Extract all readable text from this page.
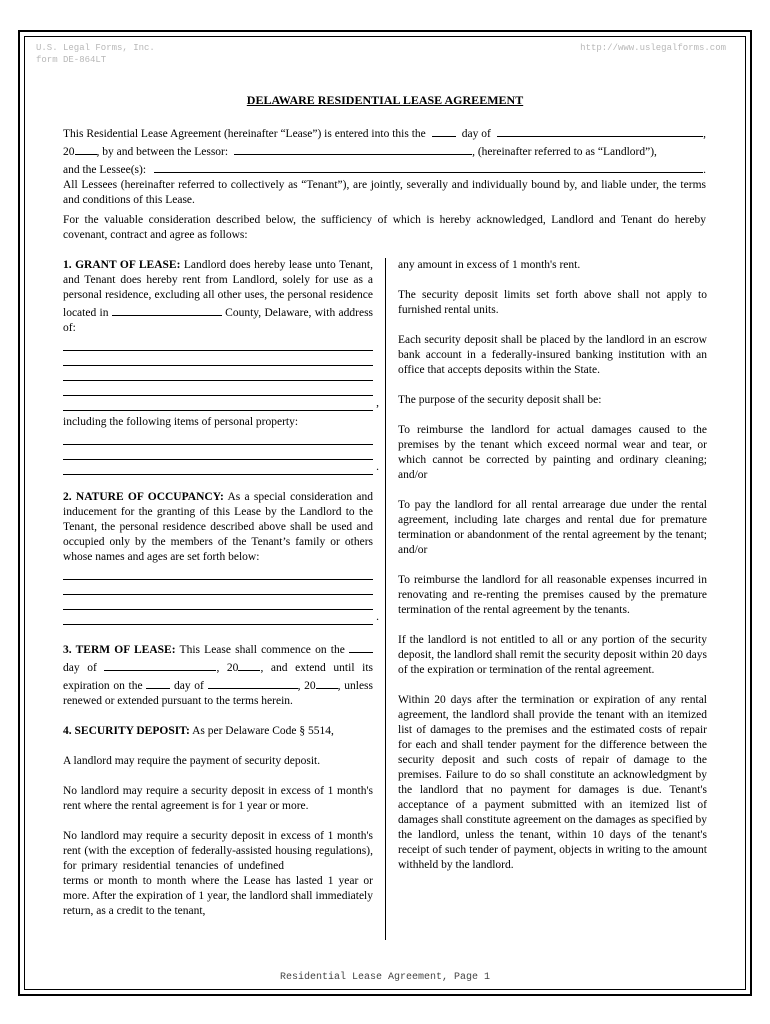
U.S. Legal Forms, Inc.
form DE-864LT
http://www.uslegalforms.com
DELAWARE RESIDENTIAL LEASE AGREEMENT
This Residential Lease Agreement (hereinafter “Lease”) is entered into this the	day of	,
20 , by and between the Lessor:	, (hereinafter referred to as “Landlord”),
and the Lessee(s):	.
All Lessees (hereinafter referred to collectively as “Tenant”), are jointly, severally and individually bound by, and liable under, the terms and conditions of this Lease.
For the valuable consideration described below, the sufficiency of which is hereby acknowledged, Landlord and Tenant do hereby covenant, contract and agree as follows:
1. GRANT OF LEASE: Landlord does hereby lease unto Tenant, and Tenant does hereby rent from Landlord, solely for use as a personal residence, excluding all other uses, the personal residence located in	County, Delaware, with address of:
,
including the following items of personal property:
.
2. NATURE OF OCCUPANCY: As a special consideration and inducement for the granting of this Lease by the Landlord to the Tenant, the personal residence described above shall be used and occupied only by the members of the Tenant’s family or others whose names and ages are set forth below:
.
3. TERM OF LEASE: This Lease shall commence on the  day of	, 20 , and extend until its expiration on the	day of	, 20 , unless renewed or extended pursuant to the terms herein.
4. SECURITY DEPOSIT: As per Delaware Code § 5514,
A landlord may require the payment of security deposit.
No landlord may require a security deposit in excess of 1 month's rent where the rental agreement is for 1 year or more.
No landlord may require a security deposit in excess of 1 month's rent (with the exception of federally-assisted housing regulations), for primary residential tenancies of undefined  terms or month to month where the Lease has lasted 1 year or more. After the expiration of 1 year, the landlord shall immediately return, as a credit to the tenant,
any amount in excess of 1 month's rent.
The security deposit limits set forth above shall not apply to furnished rental units.
Each security deposit shall be placed by the landlord in an escrow bank account in a federally-insured banking institution with an office that accepts deposits within the State.
The purpose of the security deposit shall be:
To reimburse the landlord for actual damages caused to the premises by the tenant which exceed normal wear and tear, or which cannot be corrected by painting and ordinary cleaning; and/or
To pay the landlord for all rental arrearage due under the rental agreement, including late charges and rental due for premature termination or abandonment of the rental agreement by the tenant; and/or
To reimburse the landlord for all reasonable expenses incurred in renovating and re-renting the premises caused by the premature termination of the rental agreement by the tenants.
If the landlord is not entitled to all or any portion of the security deposit, the landlord shall remit the security deposit within 20 days of the expiration or termination of the rental agreement.
Within 20 days after the termination or expiration of any rental agreement, the landlord shall provide the tenant with an itemized list of damages to the premises and the estimated costs of repair for each and shall tender payment for the difference between the security deposit and such costs of repair of damage to the premises. Failure to do so shall constitute an acknowledgment by the landlord that no payment for damages is due. Tenant's acceptance of a payment submitted with an itemized list of damages shall constitute agreement on the damages as specified by the landlord, unless the tenant, within 10 days of the tenant's receipt of such tender of payment, objects in writing to the amount withheld by the landlord.
Residential Lease Agreement, Page 1
